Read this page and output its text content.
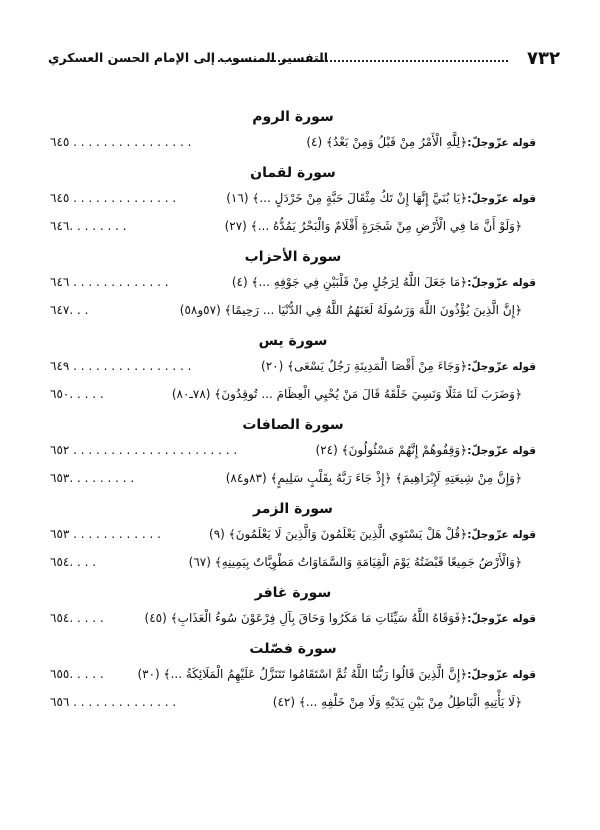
٧٣٢
التفسير المنسوب إلى الإمام الحسن العسكري
سورة الروم
قوله عزّوجلّ:﴿لِلَّهِ الْأَمْرُ مِنْ قَبْلُ وَمِنْ بَعْدُ﴾ (٤)
٦٤٥ . . . . . . . . . . . . . . . .
سورة لقمان
قوله عزّوجلّ:﴿يَا بُنَيَّ إِنَّهَا إِنْ تَكُ مِثْقَالَ حَبَّةٍ مِنْ خَرْدَلٍ ...﴾ (١٦)
٦٤٥ . . . . . . . . . . . . . .
﴿وَلَوْ أَنَّ مَا فِي الْأَرْضِ مِنْ شَجَرَةٍ أَقْلَامٌ وَالْبَحْرُ يَمُدُّهُ ...﴾ (٢٧)
٦٤٦. . . . . . . .
سورة الأحزاب
قوله عزّوجلّ:﴿مَا جَعَلَ اللَّهُ لِرَجُلٍ مِنْ قَلْبَيْنِ فِي جَوْفِهِ ...﴾ (٤)
٦٤٦ . . . . . . . . . . . . .
﴿إِنَّ الَّذِينَ يُؤْذُونَ اللَّهَ وَرَسُولَهُ لَعَنَهُمُ اللَّهُ فِي الدُّنْيَا ... رَحِيمًا﴾ (٥٧و٥٨)
٦٤٧. . .
سورة يس
قوله عزّوجلّ:﴿وَجَاءَ مِنْ أَقْصَا الْمَدِينَةِ رَجُلٌ يَسْعَى﴾ (٢٠)
٦٤٩ . . . . . . . . . . . . . . . .
﴿وَضَرَبَ لَنَا مَثَلًا وَنَسِيَ خَلْقَهُ قَالَ مَنْ يُحْيِي الْعِظَامَ ... تُوقِدُونَ﴾ (٧٨ـ٨٠)
٦٥٠. . . . .
سورة الصافات
قوله عزّوجلّ:﴿وَقِفُوهُمْ إِنَّهُمْ مَسْئُولُونَ﴾ (٢٤)
٦٥٢ . . . . . . . . . . . . . . . . . . . . . .
﴿وَإِنَّ مِنْ شِيعَتِهِ لَإِبْرَاهِيمَ﴾ ﴿إِذْ جَاءَ رَبَّهُ بِقَلْبٍ سَلِيمٍ﴾ (٨٣و٨٤)
٦٥٣. . . . . . . . .
سورة الزمر
قوله عزّوجلّ:﴿قُلْ هَلْ يَسْتَوِي الَّذِينَ يَعْلَمُونَ وَالَّذِينَ لَا يَعْلَمُونَ﴾ (٩)
٦٥٣ . . . . . . . . . . . .
﴿وَالْأَرْضُ جَمِيعًا قَبْضَتُهُ يَوْمَ الْقِيَامَةِ وَالسَّمَاوَاتُ مَطْوِيَّاتٌ بِيَمِينِهِ﴾ (٦٧)
٦٥٤. . . .
سورة غافر
قوله عزّوجلّ:﴿فَوَقَاهُ اللَّهُ سَيِّئَاتِ مَا مَكَرُوا وَحَاقَ بِآلِ فِرْعَوْنَ سُوءُ الْعَذَابِ﴾ (٤٥)
٦٥٤. . . . .
سورة فصّلت
قوله عزّوجلّ:﴿إِنَّ الَّذِينَ قَالُوا رَبُّنَا اللَّهُ ثُمَّ اسْتَقَامُوا تَتَنَزَّلُ عَلَيْهِمُ الْمَلَائِكَةُ ...﴾ (٣٠)
٦٥٥. . . . .
﴿لَا يَأْتِيهِ الْبَاطِلُ مِنْ بَيْنِ يَدَيْهِ وَلَا مِنْ خَلْفِهِ ...﴾ (٤٢)
٦٥٦ . . . . . . . . . . . . . .
